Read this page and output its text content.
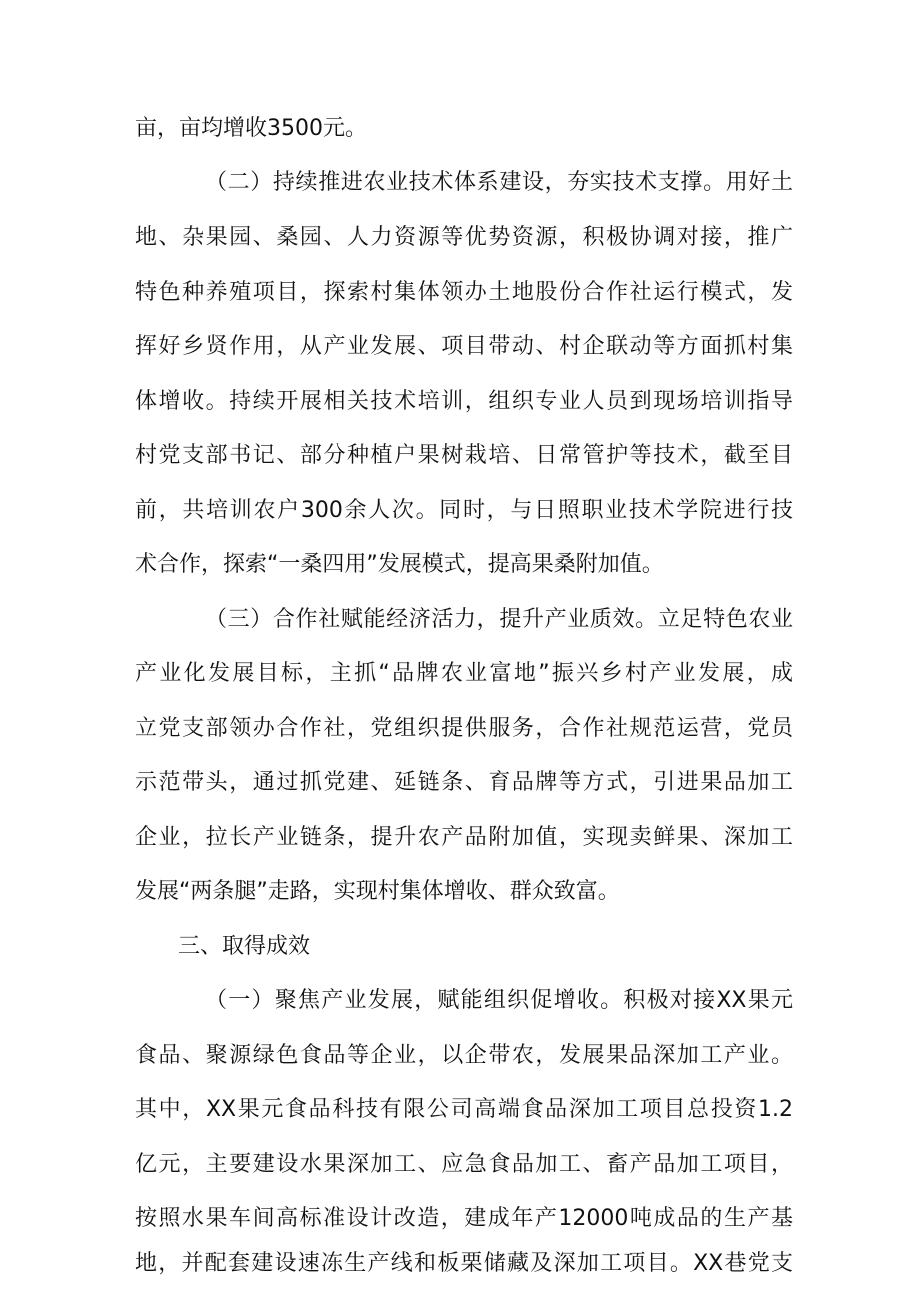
亩，亩均增收3500元。
（二）持续推进农业技术体系建设，夯实技术支撑。用好土
地、杂果园、桑园、人力资源等优势资源，积极协调对接，推广
特色种养殖项目，探索村集体领办土地股份合作社运行模式，发
挥好乡贤作用，从产业发展、项目带动、村企联动等方面抓村集
体增收。持续开展相关技术培训，组织专业人员到现场培训指导
村党支部书记、部分种植户果树栽培、日常管护等技术，截至目
前，共培训农户300余人次。同时，与日照职业技术学院进行技
术合作，探索“一桑四用”发展模式，提高果桑附加值。
（三）合作社赋能经济活力，提升产业质效。立足特色农业
产业化发展目标，主抓“品牌农业富地”振兴乡村产业发展，成
立党支部领办合作社，党组织提供服务，合作社规范运营，党员
示范带头，通过抓党建、延链条、育品牌等方式，引进果品加工
企业，拉长产业链条，提升农产品附加值，实现卖鲜果、深加工
发展“两条腿”走路，实现村集体增收、群众致富。
三、取得成效
（一）聚焦产业发展，赋能组织促增收。积极对接XX果元
食品、聚源绿色食品等企业，以企带农，发展果品深加工产业。
其中，XX果元食品科技有限公司高端食品深加工项目总投资1.2
亿元，主要建设水果深加工、应急食品加工、畜产品加工项目，
按照水果车间高标准设计改造，建成年产12000吨成品的生产基
地，并配套建设速冻生产线和板栗储藏及深加工项目。XX巷党支
